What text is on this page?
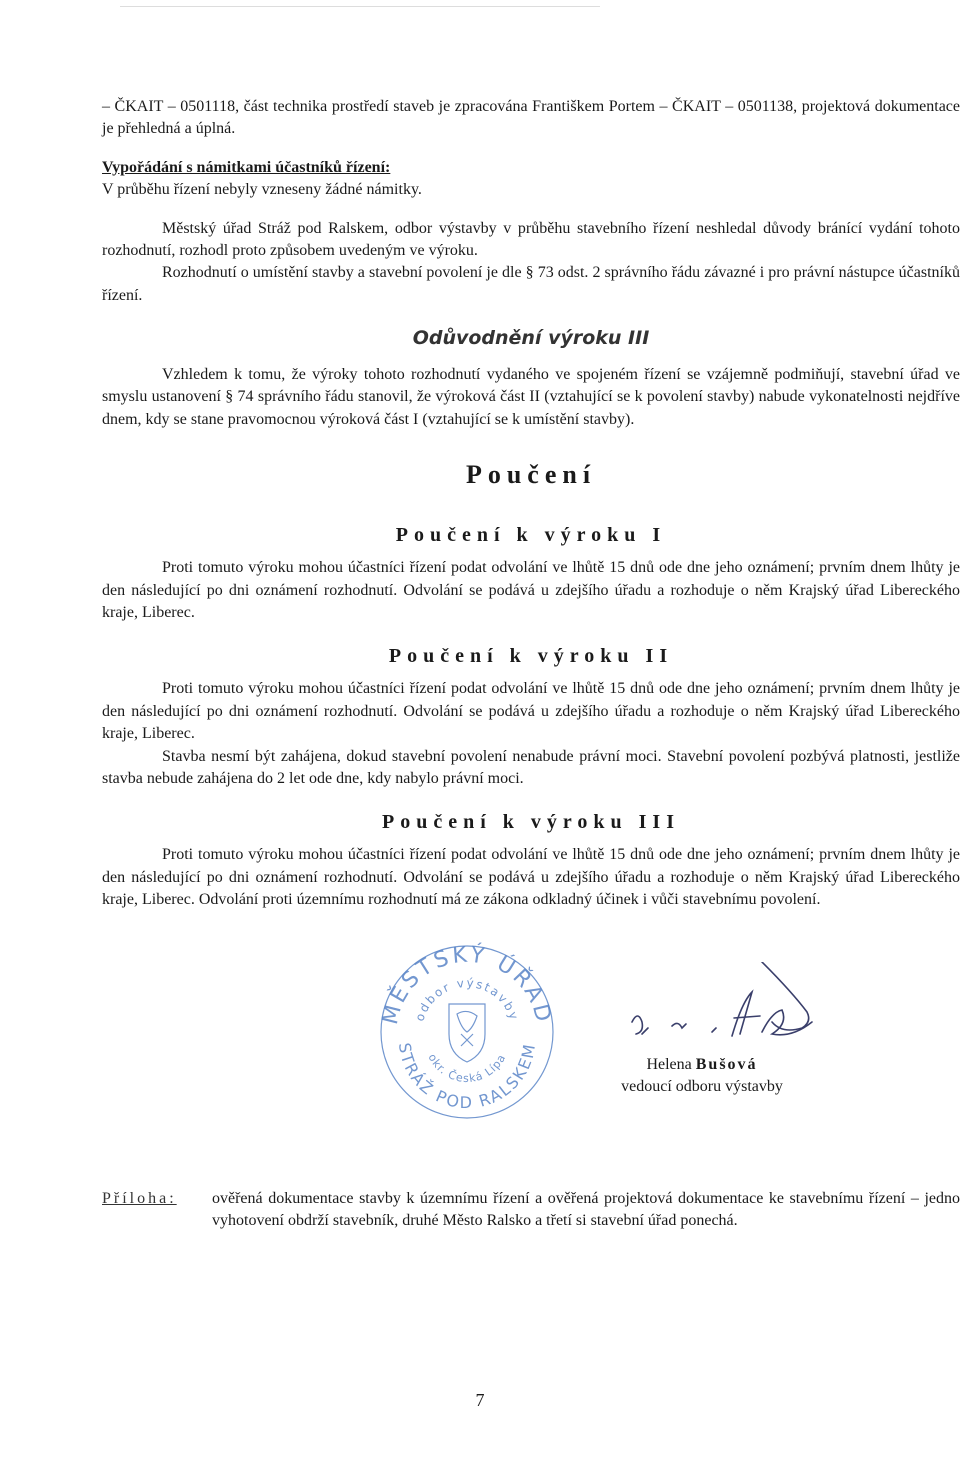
– ČKAIT – 0501118, část technika prostředí staveb je zpracována Františkem Portem – ČKAIT – 0501138, projektová dokumentace je přehledná a úplná.

Vypořádání s námitkami účastníků řízení:

V průběhu řízení nebyly vzneseny žádné námitky.

Městský úřad Stráž pod Ralskem, odbor výstavby v průběhu stavebního řízení neshledal důvody bránící vydání tohoto rozhodnutí, rozhodl proto způsobem uvedeným ve výroku.

Rozhodnutí o umístění stavby a stavební povolení je dle § 73 odst. 2 správního řádu závazné i pro právní nástupce účastníků řízení.

Odůvodnění výroku III

Vzhledem k tomu, že výroky tohoto rozhodnutí vydaného ve spojeném řízení se vzájemně podmiňují, stavební úřad ve smyslu ustanovení § 74 správního řádu stanovil, že výroková část II (vztahující se k povolení stavby) nabude vykonatelnosti nejdříve dnem, kdy se stane pravomocnou výroková část I (vztahující se k umístění stavby).

Poučení
Poučení k výroku I

Proti tomuto výroku mohou účastníci řízení podat odvolání ve lhůtě 15 dnů ode dne jeho oznámení; prvním dnem lhůty je den následující po dni oznámení rozhodnutí. Odvolání se podává u zdejšího úřadu a rozhoduje o něm Krajský úřad Libereckého kraje, Liberec.

Poučení k výroku II

Proti tomuto výroku mohou účastníci řízení podat odvolání ve lhůtě 15 dnů ode dne jeho oznámení; prvním dnem lhůty je den následující po dni oznámení rozhodnutí. Odvolání se podává u zdejšího úřadu a rozhoduje o něm Krajský úřad Libereckého kraje, Liberec.

Stavba nesmí být zahájena, dokud stavební povolení nenabude právní moci. Stavební povolení pozbývá platnosti, jestliže stavba nebude zahájena do 2 let ode dne, kdy nabylo právní moci.

Poučení k výroku III

Proti tomuto výroku mohou účastníci řízení podat odvolání ve lhůtě 15 dnů ode dne jeho oznámení; prvním dnem lhůty je den následující po dni oznámení rozhodnutí. Odvolání se podává u zdejšího úřadu a rozhoduje o něm Krajský úřad Libereckého kraje, Liberec. Odvolání proti územnímu rozhodnutí má ze zákona odkladný účinek i vůči stavebnímu povolení.

MĚSTSKÝ ÚŘAD
odbor výstavby
STRÁŽ POD RALSKEM
okr. Česká Lípa	Helena Bušová
vedoucí odboru výstavby
Příloha:	ověřená dokumentace stavby k územnímu řízení a ověřená projektová dokumentace ke stavebnímu řízení – jedno vyhotovení obdrží stavebník, druhé Město Ralsko a třetí si stavební úřad ponechá.
7
